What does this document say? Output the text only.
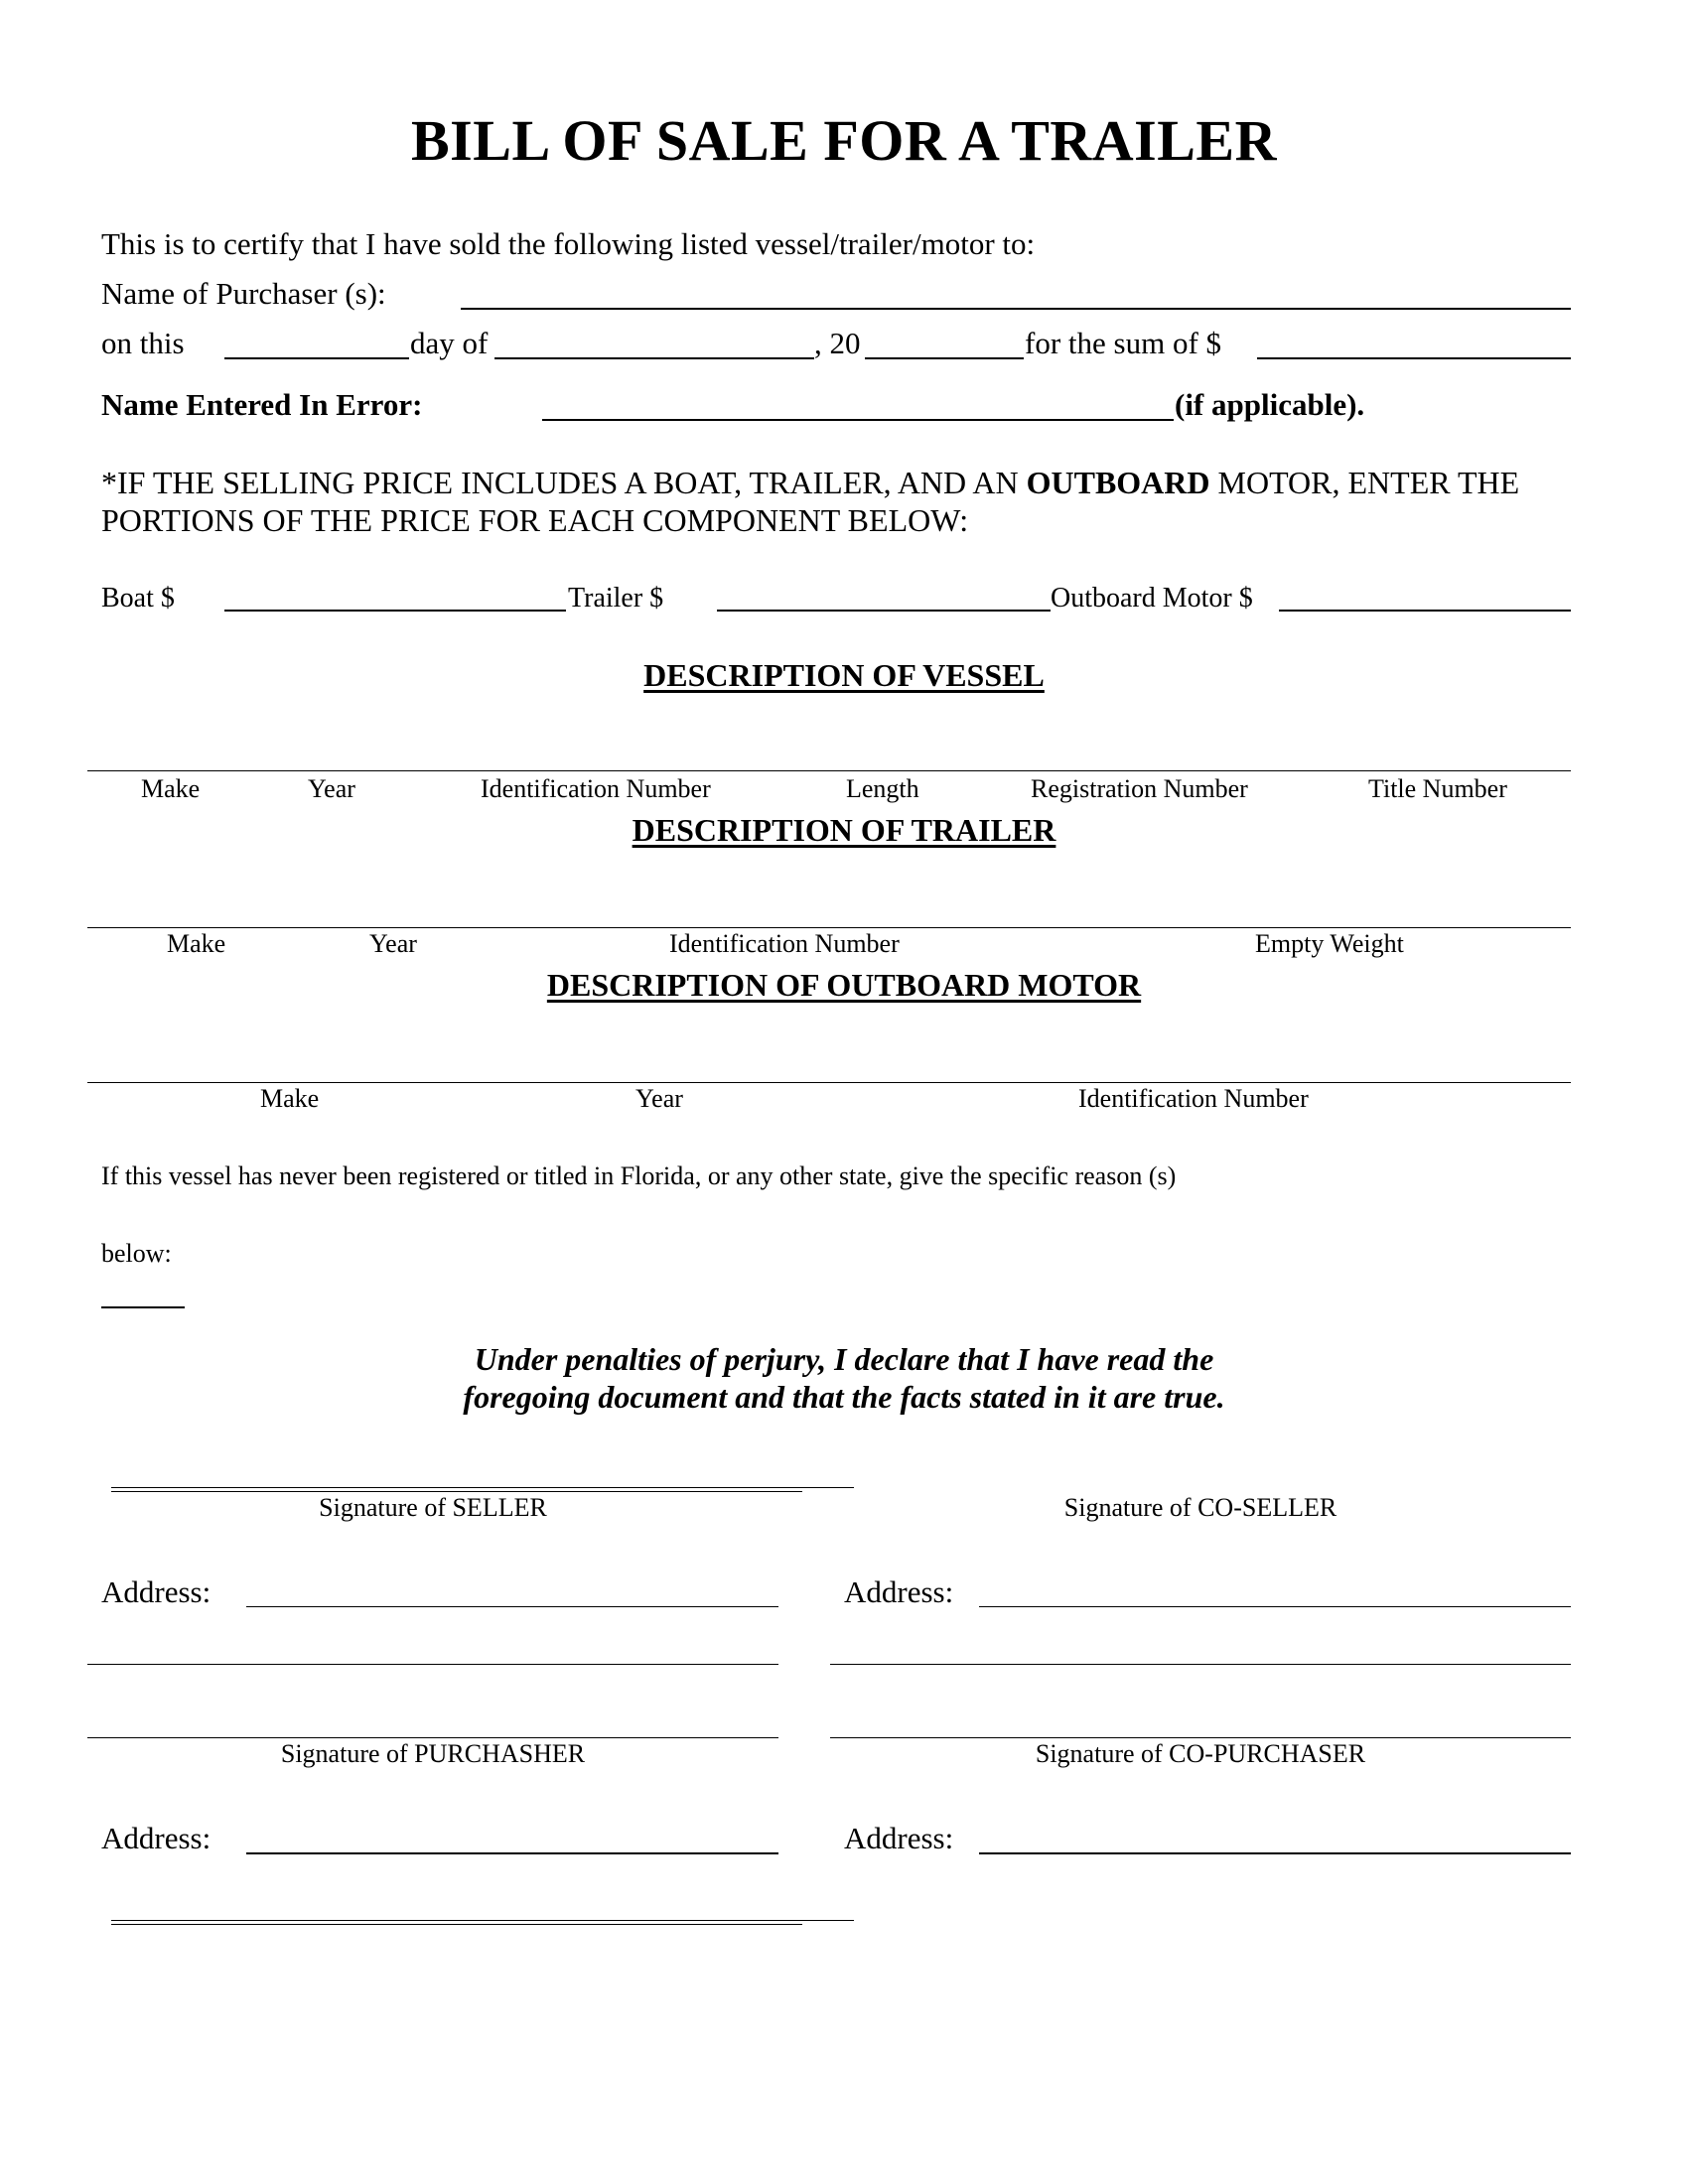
BILL OF SALE FOR A TRAILER
This is to certify that I have sold the following listed vessel/trailer/motor to:
Name of Purchaser (s):
on this	day of	, 20	for the sum of $
Name Entered In Error:	(if applicable).
*IF THE SELLING PRICE INCLUDES A BOAT, TRAILER, AND AN OUTBOARD MOTOR, ENTER THE
PORTIONS OF THE PRICE FOR EACH COMPONENT BELOW:
Boat $	Trailer $	Outboard Motor $
DESCRIPTION OF VESSEL
Make	Year	Identification Number	Length	Registration Number	Title Number
DESCRIPTION OF TRAILER
Make	Year	Identification Number	Empty Weight
DESCRIPTION OF OUTBOARD MOTOR
Make	Year	Identification Number
If this vessel has never been registered or titled in Florida, or any other state, give the specific reason (s)
below:
Under penalties of perjury, I declare that I have read the
foregoing document and that the facts stated in it are true.
Signature of SELLER	Signature of CO-SELLER
Address:	Address:
Signature of PURCHASHER	Signature of CO-PURCHASER
Address:	Address:
